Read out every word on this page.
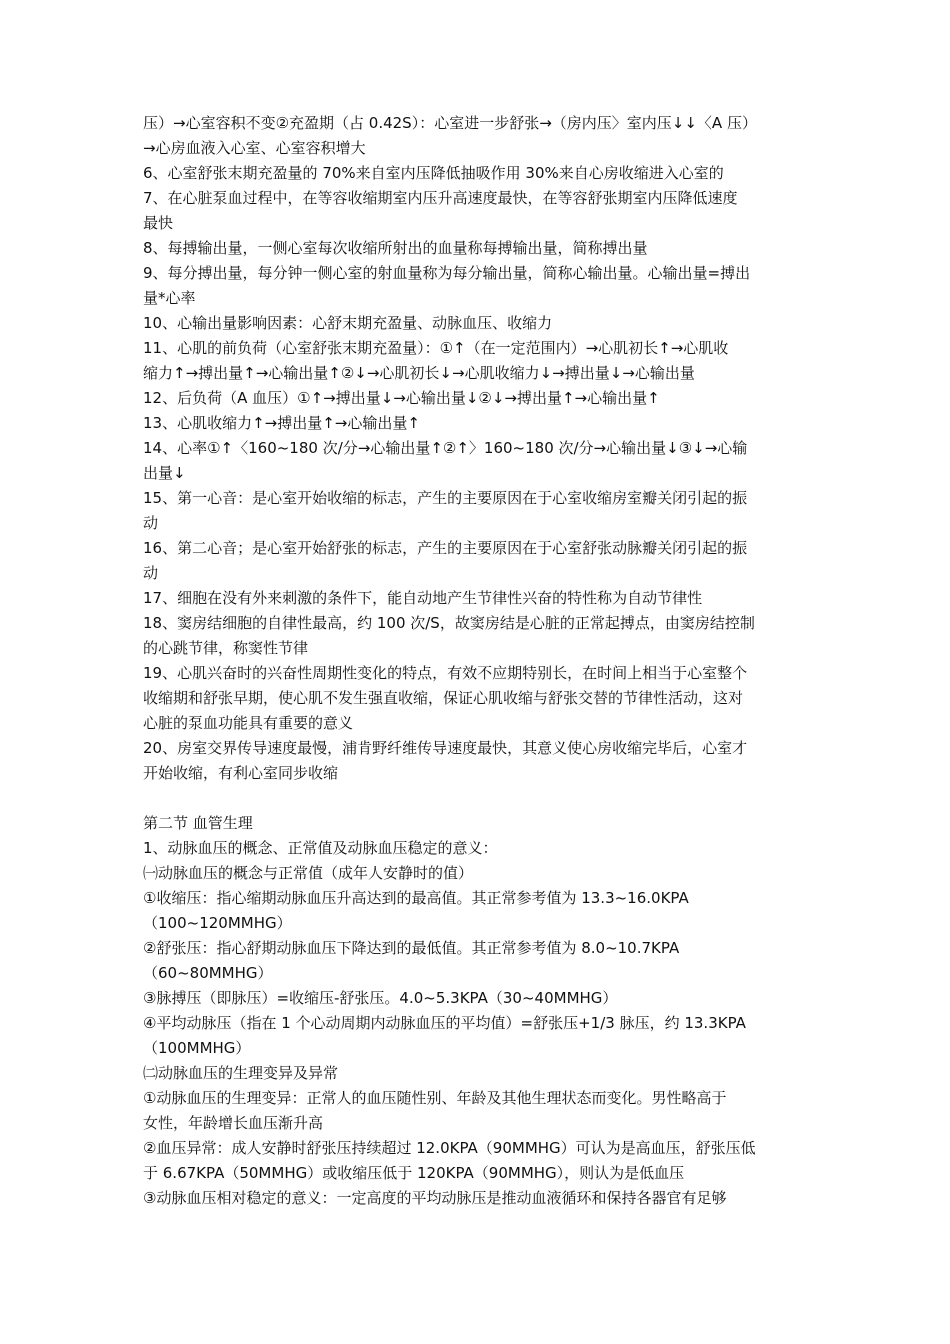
压）→心室容积不变②充盈期（占 0.42S）：心室进一步舒张→（房内压〉室内压↓↓〈A 压）
→心房血液入心室、心室容积增大
6、心室舒张末期充盈量的 70%来自室内压降低抽吸作用 30%来自心房收缩进入心室的
7、在心脏泵血过程中，在等容收缩期室内压升高速度最快，在等容舒张期室内压降低速度
最快
8、每搏输出量，一侧心室每次收缩所射出的血量称每搏输出量，简称搏出量
9、每分搏出量，每分钟一侧心室的射血量称为每分输出量，简称心输出量。心输出量=搏出
量*心率
10、心输出量影响因素：心舒末期充盈量、动脉血压、收缩力
11、心肌的前负荷（心室舒张末期充盈量）：①↑（在一定范围内）→心肌初长↑→心肌收
缩力↑→搏出量↑→心输出量↑②↓→心肌初长↓→心肌收缩力↓→搏出量↓→心输出量
12、后负荷（A 血压）①↑→搏出量↓→心输出量↓②↓→搏出量↑→心输出量↑
13、心肌收缩力↑→搏出量↑→心输出量↑
14、心率①↑〈160~180 次/分→心输出量↑②↑〉160~180 次/分→心输出量↓③↓→心输
出量↓
15、第一心音：是心室开始收缩的标志，产生的主要原因在于心室收缩房室瓣关闭引起的振
动
16、第二心音；是心室开始舒张的标志，产生的主要原因在于心室舒张动脉瓣关闭引起的振
动
17、细胞在没有外来刺激的条件下，能自动地产生节律性兴奋的特性称为自动节律性
18、窦房结细胞的自律性最高，约 100 次/S，故窦房结是心脏的正常起搏点，由窦房结控制
的心跳节律，称窦性节律
19、心肌兴奋时的兴奋性周期性变化的特点，有效不应期特别长，在时间上相当于心室整个
收缩期和舒张早期，使心肌不发生强直收缩，保证心肌收缩与舒张交替的节律性活动，这对
心脏的泵血功能具有重要的意义
20、房室交界传导速度最慢，浦肯野纤维传导速度最快，其意义使心房收缩完毕后，心室才
开始收缩，有利心室同步收缩
第二节 血管生理
1、动脉血压的概念、正常值及动脉血压稳定的意义：
㈠动脉血压的概念与正常值（成年人安静时的值）
①收缩压：指心缩期动脉血压升高达到的最高值。其正常参考值为 13.3~16.0KPA
（100~120MMHG）
②舒张压：指心舒期动脉血压下降达到的最低值。其正常参考值为 8.0~10.7KPA
（60~80MMHG）
③脉搏压（即脉压）=收缩压-舒张压。4.0~5.3KPA（30~40MMHG）
④平均动脉压（指在 1 个心动周期内动脉血压的平均值）=舒张压+1/3 脉压，约 13.3KPA
（100MMHG）
㈡动脉血压的生理变异及异常
①动脉血压的生理变异：正常人的血压随性别、年龄及其他生理状态而变化。男性略高于
女性，年龄增长血压渐升高
②血压异常：成人安静时舒张压持续超过 12.0KPA（90MMHG）可认为是高血压，舒张压低
于 6.67KPA（50MMHG）或收缩压低于 120KPA（90MMHG），则认为是低血压
③动脉血压相对稳定的意义：一定高度的平均动脉压是推动血液循环和保持各器官有足够
